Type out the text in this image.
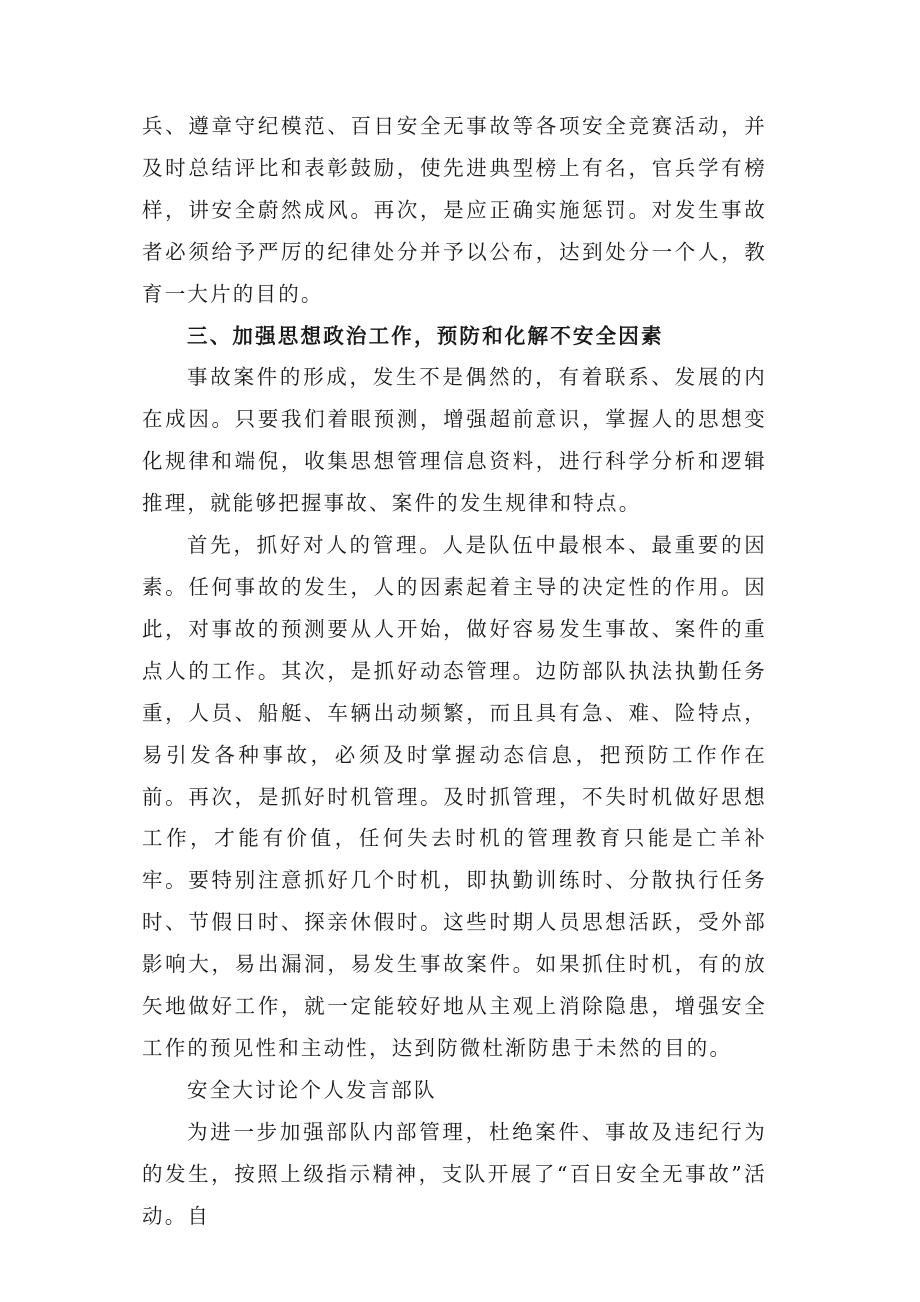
兵、遵章守纪模范、百日安全无事故等各项安全竞赛活动，并及时总结评比和表彰鼓励，使先进典型榜上有名，官兵学有榜样，讲安全蔚然成风。再次，是应正确实施惩罚。对发生事故者必须给予严厉的纪律处分并予以公布，达到处分一个人，教育一大片的目的。

三、加强思想政治工作，预防和化解不安全因素

事故案件的形成，发生不是偶然的，有着联系、发展的内在成因。只要我们着眼预测，增强超前意识，掌握人的思想变化规律和端倪，收集思想管理信息资料，进行科学分析和逻辑推理，就能够把握事故、案件的发生规律和特点。

首先，抓好对人的管理。人是队伍中最根本、最重要的因素。任何事故的发生，人的因素起着主导的决定性的作用。因此，对事故的预测要从人开始，做好容易发生事故、案件的重点人的工作。其次，是抓好动态管理。边防部队执法执勤任务重，人员、船艇、车辆出动频繁，而且具有急、难、险特点，易引发各种事故，必须及时掌握动态信息，把预防工作作在前。再次，是抓好时机管理。及时抓管理，不失时机做好思想工作，才能有价值，任何失去时机的管理教育只能是亡羊补牢。要特别注意抓好几个时机，即执勤训练时、分散执行任务时、节假日时、探亲休假时。这些时期人员思想活跃，受外部影响大，易出漏洞，易发生事故案件。如果抓住时机，有的放矢地做好工作，就一定能较好地从主观上消除隐患，增强安全工作的预见性和主动性，达到防微杜渐防患于未然的目的。

安全大讨论个人发言部队

为进一步加强部队内部管理，杜绝案件、事故及违纪行为的发生，按照上级指示精神，支队开展了“百日安全无事故”活动。自
